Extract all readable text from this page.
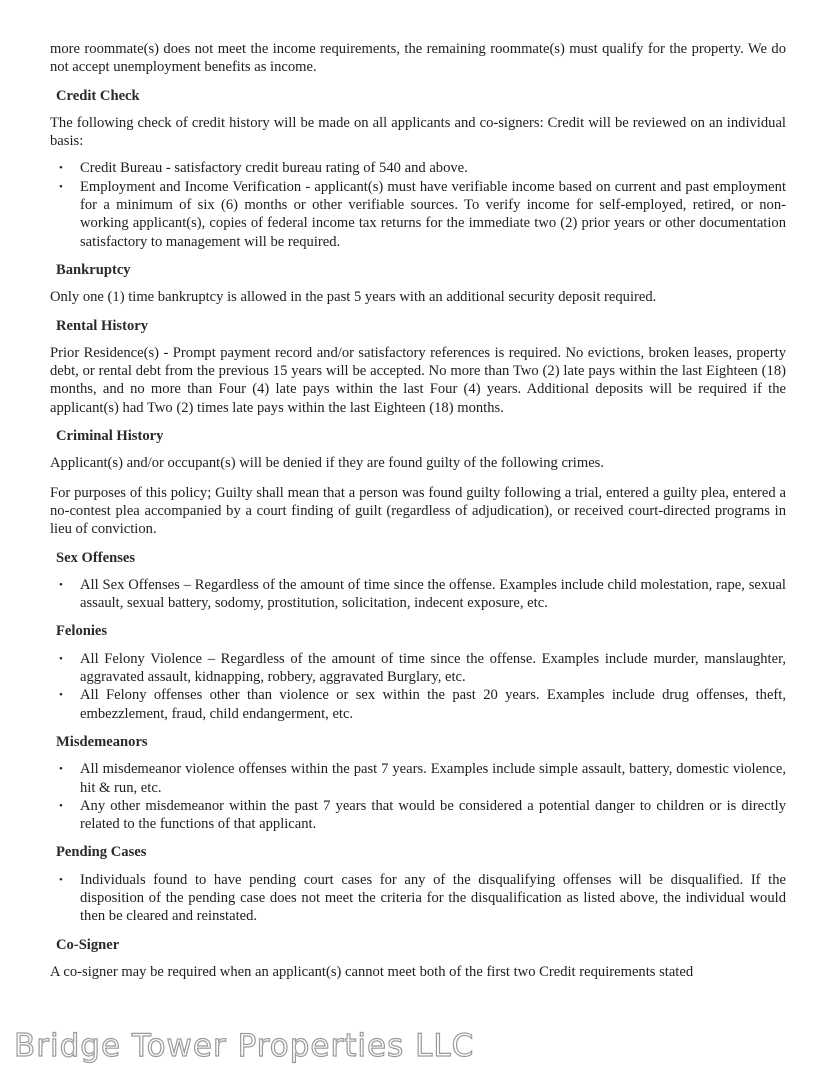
more roommate(s) does not meet the income requirements, the remaining roommate(s) must qualify for the property. We do not accept unemployment benefits as income.

Credit Check

The following check of credit history will be made on all applicants and co-signers: Credit will be reviewed on an individual basis:

• Credit Bureau - satisfactory credit bureau rating of 540 and above.
• Employment and Income Verification - applicant(s) must have verifiable income based on current and past employment for a minimum of six (6) months or other verifiable sources. To verify income for self-employed, retired, or non-working applicant(s), copies of federal income tax returns for the immediate two (2) prior years or other documentation satisfactory to management will be required.
Bankruptcy

Only one (1) time bankruptcy is allowed in the past 5 years with an additional security deposit required.

Rental History

Prior Residence(s) - Prompt payment record and/or satisfactory references is required. No evictions, broken leases, property debt, or rental debt from the previous 15 years will be accepted. No more than Two (2) late pays within the last Eighteen (18) months, and no more than Four (4) late pays within the last Four (4) years. Additional deposits will be required if the applicant(s) had Two (2) times late pays within the last Eighteen (18) months.

Criminal History

Applicant(s) and/or occupant(s) will be denied if they are found guilty of the following crimes.

For purposes of this policy; Guilty shall mean that a person was found guilty following a trial, entered a guilty plea, entered a no-contest plea accompanied by a court finding of guilt (regardless of adjudication), or received court-directed programs in lieu of conviction.

Sex Offenses
• All Sex Offenses – Regardless of the amount of time since the offense. Examples include child molestation, rape, sexual assault, sexual battery, sodomy, prostitution, solicitation, indecent exposure, etc.
Felonies
• All Felony Violence – Regardless of the amount of time since the offense. Examples include murder, manslaughter, aggravated assault, kidnapping, robbery, aggravated Burglary, etc.
• All Felony offenses other than violence or sex within the past 20 years. Examples include drug offenses, theft, embezzlement, fraud, child endangerment, etc.
Misdemeanors
• All misdemeanor violence offenses within the past 7 years. Examples include simple assault, battery, domestic violence, hit & run, etc.
• Any other misdemeanor within the past 7 years that would be considered a potential danger to children or is directly related to the functions of that applicant.
Pending Cases
• Individuals found to have pending court cases for any of the disqualifying offenses will be disqualified. If the disposition of the pending case does not meet the criteria for the disqualification as listed above, the individual would then be cleared and reinstated.
Co-Signer

A co-signer may be required when an applicant(s) cannot meet both of the first two Credit requirements stated

Bridge Tower Properties LLC
